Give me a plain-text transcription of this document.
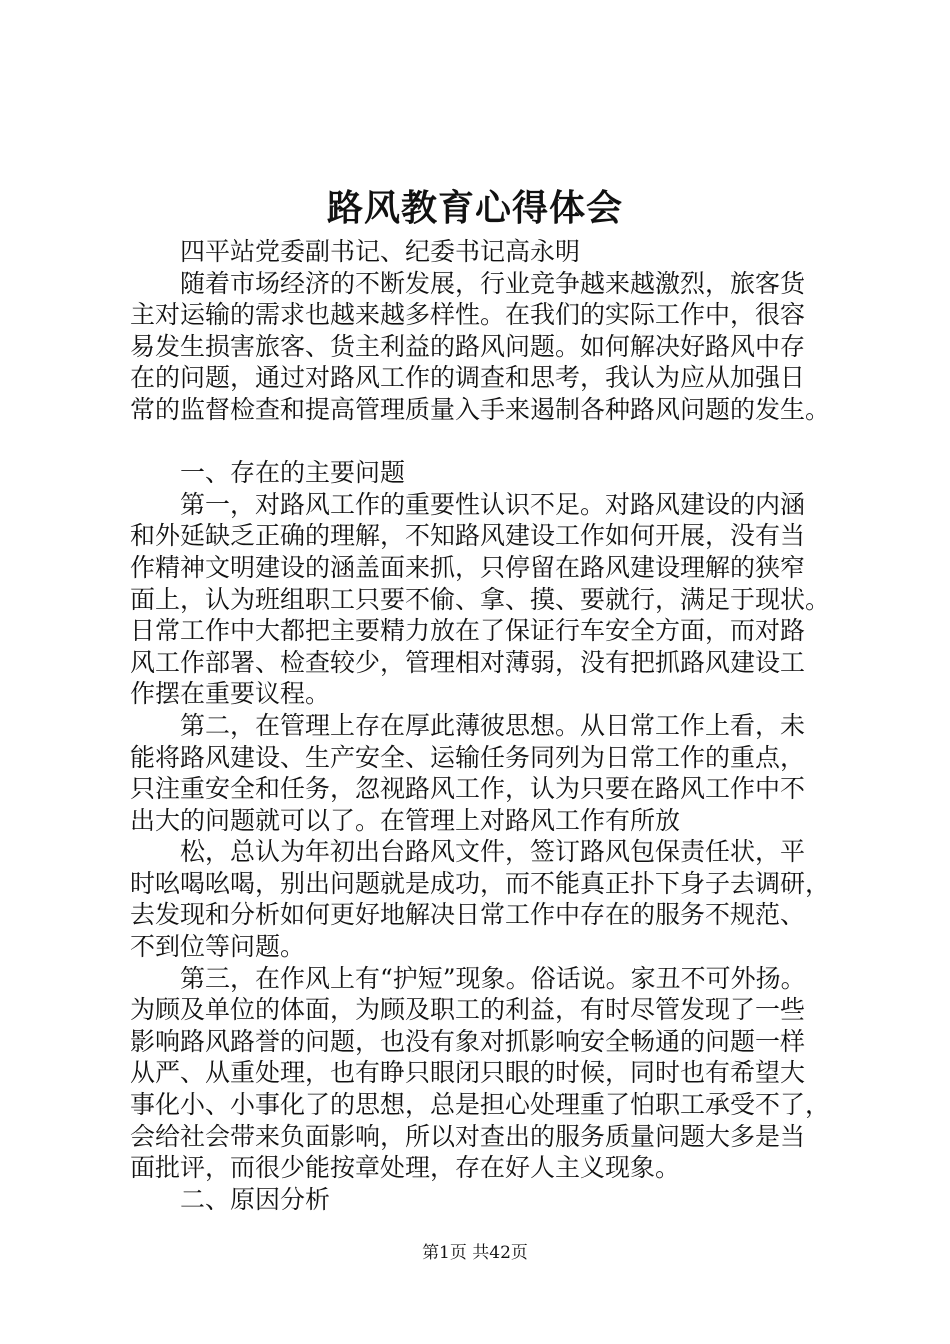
路风教育心得体会
四平站党委副书记、纪委书记高永明
随着市场经济的不断发展，行业竞争越来越激烈，旅客货
主对运输的需求也越来越多样性。在我们的实际工作中，很容
易发生损害旅客、货主利益的路风问题。如何解决好路风中存
在的问题，通过对路风工作的调查和思考，我认为应从加强日
常的监督检查和提高管理质量入手来遏制各种路风问题的发生。
一、存在的主要问题
第一，对路风工作的重要性认识不足。对路风建设的内涵
和外延缺乏正确的理解，不知路风建设工作如何开展，没有当
作精神文明建设的涵盖面来抓，只停留在路风建设理解的狭窄
面上，认为班组职工只要不偷、拿、摸、要就行，满足于现状。
日常工作中大都把主要精力放在了保证行车安全方面，而对路
风工作部署、检查较少，管理相对薄弱，没有把抓路风建设工
作摆在重要议程。
第二，在管理上存在厚此薄彼思想。从日常工作上看，未
能将路风建设、生产安全、运输任务同列为日常工作的重点，
只注重安全和任务，忽视路风工作，认为只要在路风工作中不
出大的问题就可以了。在管理上对路风工作有所放
松，总认为年初出台路风文件，签订路风包保责任状，平
时吆喝吆喝，别出问题就是成功，而不能真正扑下身子去调研，
去发现和分析如何更好地解决日常工作中存在的服务不规范、
不到位等问题。
第三，在作风上有“护短”现象。俗话说。家丑不可外扬。
为顾及单位的体面，为顾及职工的利益，有时尽管发现了一些
影响路风路誉的问题，也没有象对抓影响安全畅通的问题一样
从严、从重处理，也有睁只眼闭只眼的时候，同时也有希望大
事化小、小事化了的思想，总是担心处理重了怕职工承受不了，
会给社会带来负面影响，所以对查出的服务质量问题大多是当
面批评，而很少能按章处理，存在好人主义现象。
二、原因分析
第1页 共42页
